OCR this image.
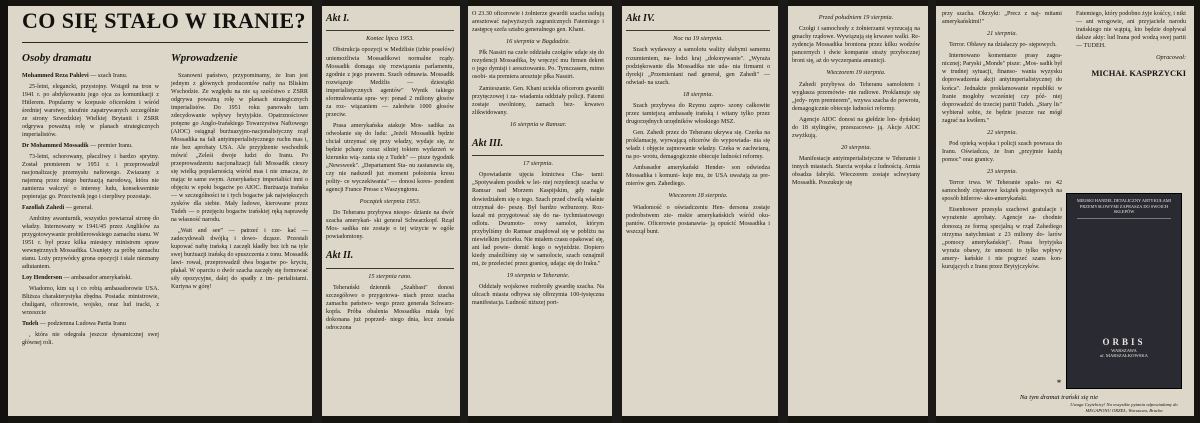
CO SIĘ STAŁO W IRANIE?
Osoby dramatu

Mohammed Reza Pahlevi — szach Iranu.

25-letni, elegancki, przystojny. Wstąpił na tron w 1941 r. po abdykowaniu jego ojca za komunikacji z Hitlerem. Popularny w korpusie oficerskim i wśród średniej warstwy, nieufnie zapatrywanych szczególnie ze strony Szwedzkiej Wielkiej Brytanii i ZSRR odgrywa poważną rolę w planach strategicznych imperialistów.

Dr Mohammed Mossadik — premier Iranu.

73-letni, schorowany, płaczliwy i bardzo sprytny. Został premierem w 1951 r. i przeprowadził nacjonalizację przemysłu naftowego. Zwiazany z najemną przez niego burżuazją narodową, która nie zamierza walczyć o interesy ludu, konsekwentnie popierając go. Przeciwnik jego i cierpliwy pozostaje.

Fazollah Zahedi — generał.

Ambitny awanturnik, wszystko powtarzał stronę do władzy. Internowany w 1941/45 przez Anglików za przygotowywanie prohitlerowskiego zamachu stanu. W 1951 r. był przez kilka miesięcy ministrem spraw wewnętrznych Mossadika. Usunięty za próbę zamachu stanu. Loży przywódcy grona opozycji i stale nieznany adiutantem.

Loy Henderson — ambasador amerykański.

Wiadomo, kim są i co robią ambasadorowie USA. Bliższa charakterystyka zbędna. Posiada: ministrowie, chuligani, oficerowie, wojsko, oraz lud iracki, z wrzeszcie

Tudeh — podziemna Ludowa Partia Iranu

, która nie odegrała jeszcze dynamicznej swej głównej roli.

Wprowadzenie

Szanowni państwo, przypominamy, że Iran jest jednym z głównych producentów nafty na Bliskim Wschodzie. Ze względu na nie są sześćstwo z ZSRR odgrywa poważną rolę w planach strategicznych imperialistów. Do 1951 roku panowało tam zdecydowanie wpływy brytyjskie. Opatrznościowe potęzne go Anglo-Irańskiego Towarzystwa Naftowego (AIOC) osiągnął burżuazyjno-nacjonalistyczny rząd Mossadika na fali antyimperialistycznego ruchu mas i, nie bez aprobaty USA. Ale przyjdzenie wschodnik mówić „Zeleśi dwoje ludzi do Iranu. Po przeprowadzeniu nacjonalizacji fali Mossadik cieszy się wielką popularnością wśród mas i nie zmacza, że mając te same swym. Amerykańscy imperialiści inni o objęciu w epoki bogactw po AIOC. Burżuazja irańska — w szczególności te i tych bogactw jak największych zysków dla siebie. Mały ludowe, kierowane przez Tudeh — o przejęciu bogactw irańskiej ręką naprawdę na własność narodu.

„Wait and see” — patrzeć i cze- kać — zadecydowali dwójką i dowo- dząsze. Przestali kupować naftę irańską i zaczęli kładły bez ich na tyle swej burżuazji irańską do spuszczenia z tonu. Mossadik lawi- rował, przeprowadził dwa bogactw po- kryciu, płakał. W oparciu o dwór szacha zaczęły się formować siły opozycyjne, dalej do spadły z im- perialistami. Kurtyna w górę!

Akt I.
Koniec lipca 1953.

Obstrukcja opozycji w Medżlisie (izbie poselów) uniemożliwia Mossadikowi normalne rządy. Mossadik domaga się rozwiązania parlamentu, zgodnie z jego prawem. Szach odmawia. Mossadik rozwiązuje Medżlis — dziesiątki imperialistycznych agentów" Wynik takiego sformułowania spra- wy: ponad 2 miliony głosów za roz- wiązaniem — zaledwie 1000 głosów przeciw.

Prasa amerykańska atakuje Mos- sadika za odwołanie się do ludu: „Jeżeli Mossadik będzie chciał utrzymać się przy władzy, wydaje się, że będzie pchany coraz silniej tokiem wydarzeń w kierunku wią- zania się z Tudeh" — pisze tygodnik „Newsweek". „Departament Sta- nu zastanawia się, czy nie nadszedł już moment położenia kresu polity- ce wyczekiwania" — donosi kores- pondent agencji France Presse z Waszyngtonu.

Początek sierpnia 1953.

Do Teheranu przybywa niespo- dzianie na dwór szacha amerykań- ski generał Schwarzkopf. Rząd Mos- sadika nie zostaje o tej wizycie w ogóle powiadomiony.

Akt II.
15 sierpnia rano.

Teherański dziennik „Szahbast" donosi szczegółowo o przygotowa- niach przez szacha zamachu państwo- wego przez generała Schwarz- kopfa. Próba obalenia Mossadika miała być dokonana już poprzed- niego dnia, lecz została odroczona

O 23.30 oficerowie i żołnierze gwardii szacha usiłują aresztować najwyższych zagranicznych Fatemiego i zastępcę szefa sztabu generalnego gen. Khani.

16 sierpnia w Bagdadzie.

Płk Nassiri na czele oddziału czołgów udaje się do rezydencji Mossadika, by wręczyć mu firmen dekret o jego dymisji i aresztowaniu. Po. Tymczasem, mimo osobi- sta premiera aresztuje płka Nassiri.

Zamieszanie. Gen. Khani uciekła oficerom gwardii przytęczowej i za- wiadamia oddziały policji. Fatemi zostaje uwolniony, zamach bez- krwawo zlikwidowany.

16 sierpnia w Ramsar.
Akt III.
17 sierpnia.

Opowiadanie ujęcia lotnictwa Cha- tami: „Spotywałem posiłek w let- niej rezydencji szacha w Ramsar nad Morzem Kaspijskim, gdy nagle dowiedziałem się o tego. Szach przed chwilą właśnie otrzymał de- peszę. Był bardzo wzburzony. Roz- kazał mi przygotować się do na- tychmiastowego odlotu. Dwumoto- rowy samolot, którym przybyliśmy do Ramsar znajdował się w pobliżu na niewielkim jeziorku. Nie miałem czasu opakować się, ani ład powie- domić kogo o wyjeździe. Dopiero kiedy znaleźliśmy się w samolocie, szach oznajmił mi, że przelecieć przez granicę, udając się do Iraku."

19 sierpnia w Teheranie.

Oddziały wojskowe rozbroiły gwardię szacha. Na ulicach miasta odbywa się olbrzymia 100-tysięczna manifestacja. Ludność niższej port-

Akt IV.
Noc na 19 sierpnia.

Szach wydawszy a samolotu waliży słabymi samemu rozumieniem, na- lodzi kraj „dokonywanie". „Wyraża podziękowanie dla Mossadika nie uda- nia firmami o dyrekji „Przemieniani nad generał, gen Zahedi" — odwiad- na szach.

18 sierpnia.

Szach przybywa do Rzymu zapro- szony całkowite przez tamtejszą ambasadę irańską i witany tylko przez drugorzędnych urzędników włoskiego MSZ.

Gen. Zahedi przez do Teheranu ukrywa się. Czerka na proklamację, wyrwającą oficerów do wypowiada- nia się władz i objęcie zajmowanie władzy. Czeka w zachwianą, na po- wrotu, demagogicznie obiecuje ludności reformy.

Ambasador amerykański Hender- son odwiedza Mossadika i komuni- kuje mu, że USA uważają za pre- mierów gen. Zahediego.

Wieczorem 18 sierpnia.

Wiadomość o oświadczeniu Hen- dersona zostaje podrobstwem zie- mskie amerykańskich wśród oku- pantów. Oficerowie postanawia- ją opuścić Mossadika i wszczął bunt.

Przed południem 19 sierpnia.

Czołgi i samochody z żołnierzami wyrzucają na gmachy rządowe. Wywiązują się krwawe walki. Re- zydencja Mossadika broniona przez kilku wodzów pancernych i dwie kompanie straży przybocznej broni się, aż do wyczerpania amunicji.

Wieczorem 19 sierpnia.

Zahedi przybywa do Teheranu samolotem i wygłasza przemówie- nie radiowe. Proklamuje się „jedy- nym premierem", wzywa szacha do powrotu, demagogicznie obiecuje ludności reformy.

Agencje AIOC donosi na giełdzie lon- dyńskiej do 18 stylingów, przeszacowu- ją. Akcje AIOC zwyżkują.

20 sierpnia.

Manifestacje antyimperialistyczne w Teheranie i innych miastach. Starcia wojska z ludnością. Armia obsadza fabryki. Wieczorem zostaje schwytany Mossadik. Poszukuje się

przy szacha. Okrzyki: „Precz z naj- mitami amerykańskimi!"

21 sierpnia.

Terror. Obławy na działaczy po- stępowych.

Internowano komentarze prasy zagra- nicznej; Paryski „Monde" pisze: „Mos- sadik był w trudnej sytuacji, finanso- wania wyzysku doprowadzenia akcji antyimperialistycznej do końca". Jednakże proklamowanie republiki w Iranie mogłoby wcześniej czy póź- niej doprowadzić do trzeciej partii Tudeh. „Stary lis" wybierał sobie, że będzie jeszcze raz mógł zagrać na kwiłem."

22 sierpnia.

Pod opieką wojska i policji szach powraca do Iranu. Oświadcza, że Iran „przyjmie każdą pomoc" oraz granicy.

23 sierpnia.

Terror trwa. W Teheranie spalo- no 42 samochody ciężarowe książek postępowych na sposób hitlerow- sko-amerykański.

Eisenhower przesyła szachowi gratulacje i wyrażenie aprobaty. Agencje za- chodnie donoszą ze formą specjalną w rząd Zahediego otrzyma natychmiast z 23 miliony do- larów „pomocy amerykańskiej". Prasa brytyjska wyraża obawy, że umocni to tylko wpływy amery- kańskie i nie pogrzeć szans kon- kurujących z Iranu przez Brytyjczyków.

Fatemiego, który podobno żyje kośćcy, i nikt — ani wrogowie, ani przyjaciele narodu irańskiego nie wątpią, kto będzie dopływał dalsze akty: lud Irana pod wodzą swej partii — TUDEH.

Opracował:
MICHAŁ KASPRZYCKI
MIEJSKI HANDEL DETALICZNY ARTYKUŁAMI PRZEMYSŁOWYMI ZAPRASZA DO SWOICH SKLEPÓW
ORBIS
WARSZAWA
ul. MARSZAŁKOWSKA
Uwaga Czytelnicy! Na wszystkie pytania odpowiadamy do MEGAPONU ORZEŁ, Warszawa, Bracka
*
Na tym dramat irański się nie
